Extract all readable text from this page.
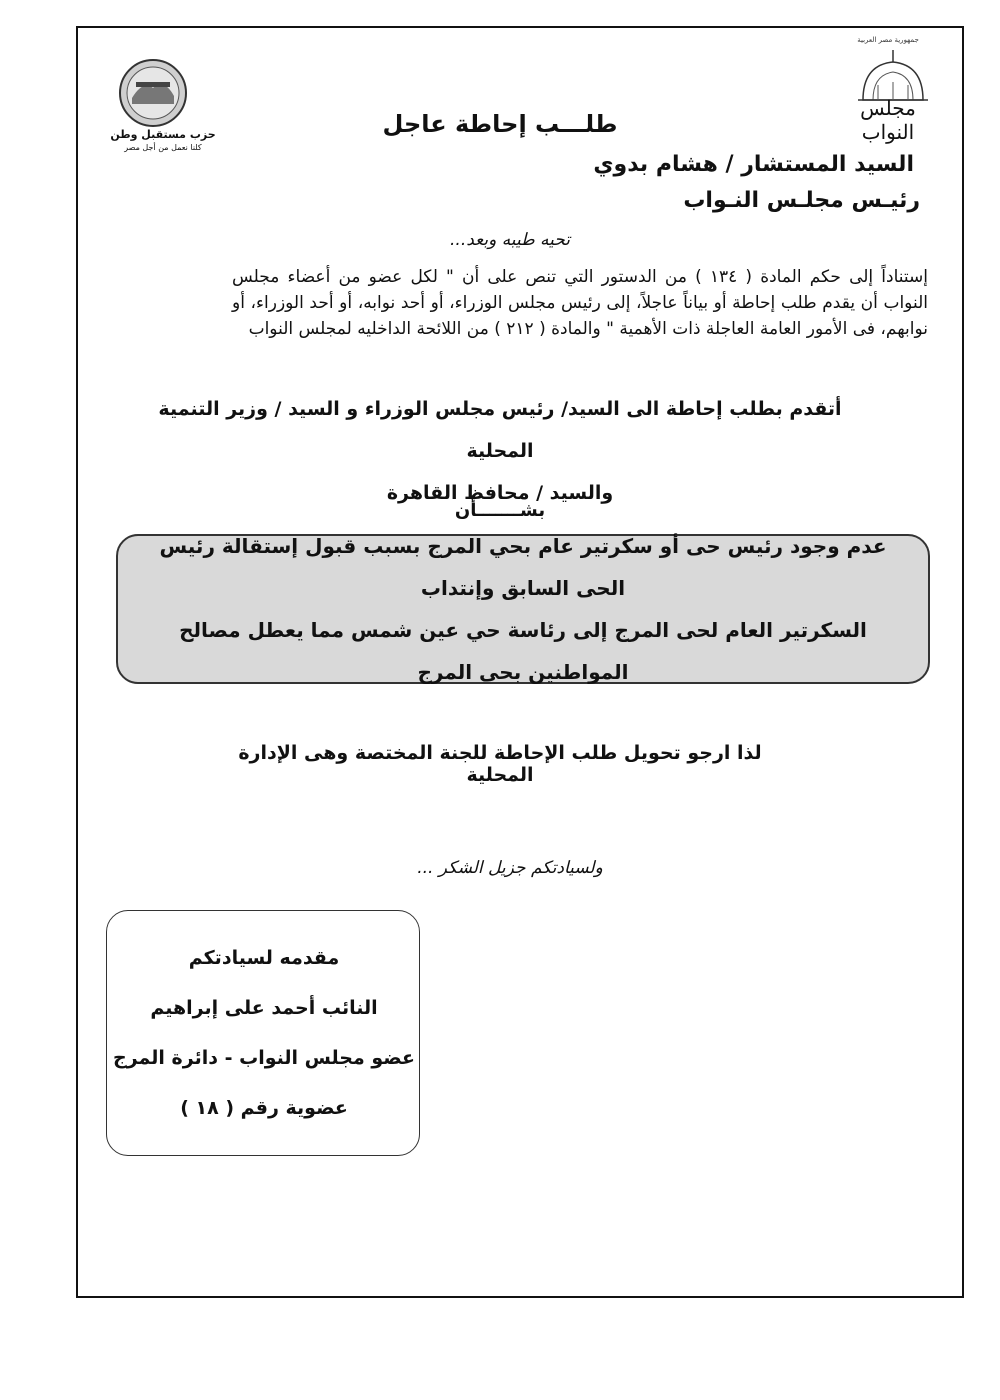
حزب مستقبل وطن
كلنا نعمل من أجل مصر
جمهورية مصر العربية
مجلس النواب
طلـــب إحاطة عاجل
السيد المستشار / هشام بدوي
رئيـس مجلـس النـواب
تحيه طيبه وبعد...
إستناداً إلى حكم المادة ( ١٣٤ ) من الدستور التي تنص على أن " لكل عضو من أعضاء مجلس النواب أن يقدم طلب إحاطة أو بياناً عاجلاً، إلى رئيس مجلس الوزراء، أو أحد نوابه، أو أحد الوزراء، أو نوابهم، فى الأمور العامة العاجلة ذات الأهمية " والمادة ( ٢١٢ ) من اللائحة الداخليه لمجلس النواب
أتقدم بطلب إحاطة الى السيد/ رئيس مجلس الوزراء و السيد / وزير التنمية المحلية
والسيد / محافظ القاهرة
بشـــــــأن
عدم وجود رئيس حى أو سكرتير عام بحي المرج بسبب قبول إستقالة رئيس الحى السابق وإنتداب
السكرتير العام لحى المرج إلى رئاسة حي عين شمس مما يعطل مصالح المواطنين بحى المرج
لذا ارجو تحويل طلب الإحاطة للجنة المختصة وهى الإدارة المحلية
ولسيادتكم جزيل الشكر ...
مقدمه لسيادتكم
النائب أحمد على إبراهيم
عضو مجلس النواب - دائرة المرج
عضوية رقم ( ١٨ )
